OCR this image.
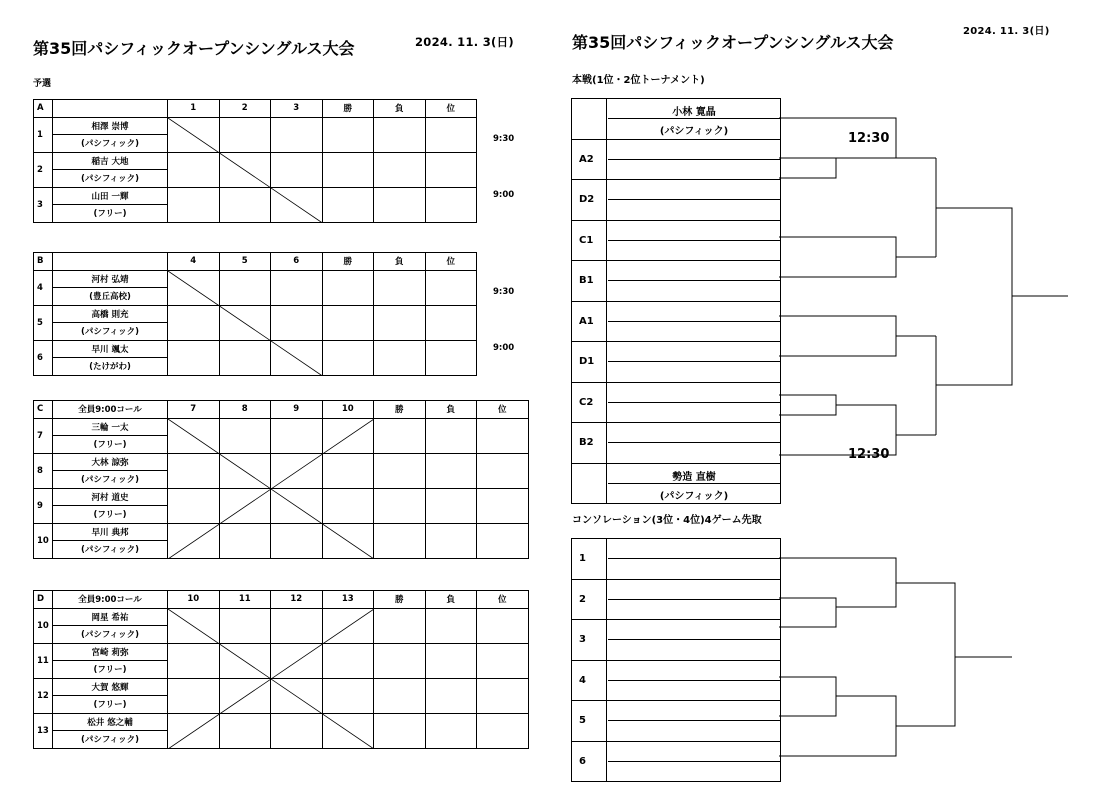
第35回パシフィックオープンシングルス大会	2024. 11. 3(日)
予選
A		1	2	3	勝	負	位
1	相澤 崇博						
	(パシフィック)						
2	稲吉 大地						
	(パシフィック)						
3	山田 一輝						
	(フリー)						
9:30
9:00
B		4	5	6	勝	負	位
4	河村 弘靖						
	(豊丘高校)						
5	高橋 則充						
	(パシフィック)						
6	早川 颯太						
	(たけがわ)						
9:30
9:00
C	全員9:00コール	7	8	9	10	勝	負	位
7	三輪 一太							
	(フリー)							
8	大林 諒弥							
	(パシフィック)							
9	河村 道史							
	(フリー)							
10	早川 典邦							
	(パシフィック)							
D	全員9:00コール	10	11	12	13	勝	負	位
10	岡星 希祐							
	(パシフィック)							
11	宮崎 莉弥							
	(フリー)							
12	大賀 悠輝							
	(フリー)							
13	松井 悠之輔							
	(パシフィック)							
第35回パシフィックオープンシングルス大会
2024. 11. 3(日)
本戦(1位・2位トーナメント)
小林 寛晶
(パシフィック)
A2
D2
C1
B1
A1
D1
C2
B2
勢造 直樹
(パシフィック)
12:30
12:30
コンソレーション(3位・4位)4ゲーム先取
1
2
3
4
5
6
